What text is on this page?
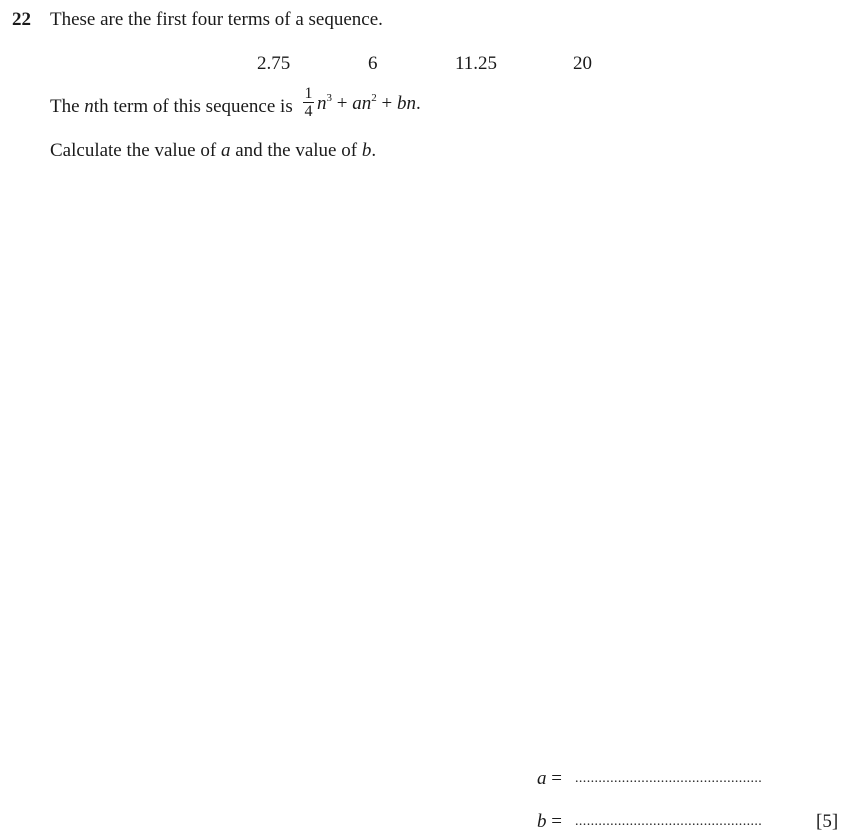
22 These are the first four terms of a sequence.
2.75	6	11.25	20
The nth term of this sequence is $\frac{1}{4} n^3 + an^2$ + bn.
Calculate the value of a and the value of b.
a = ................................................
b = ................................................	[5]
